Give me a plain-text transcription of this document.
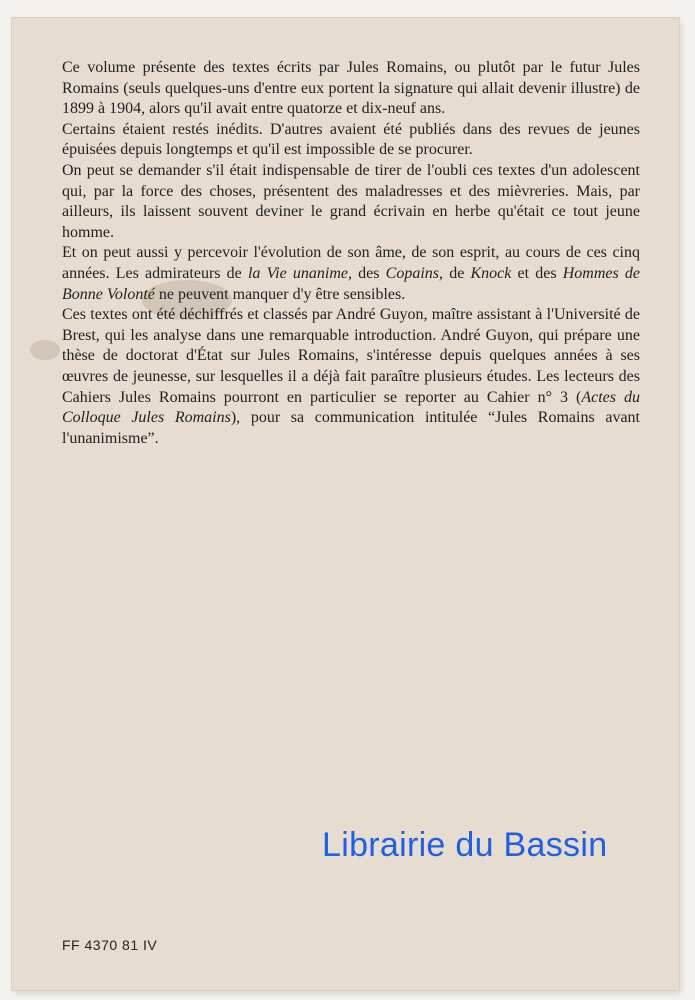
Ce volume présente des textes écrits par Jules Romains, ou plutôt par le futur Jules Romains (seuls quelques-uns d'entre eux portent la signature qui allait devenir illustre) de 1899 à 1904, alors qu'il avait entre quatorze et dix-neuf ans.

Certains étaient restés inédits. D'autres avaient été publiés dans des revues de jeunes épuisées depuis longtemps et qu'il est impossible de se procurer.

On peut se demander s'il était indispensable de tirer de l'oubli ces textes d'un adolescent qui, par la force des choses, présentent des maladresses et des mièvreries. Mais, par ailleurs, ils laissent souvent deviner le grand écrivain en herbe qu'était ce tout jeune homme.

Et on peut aussi y percevoir l'évolution de son âme, de son esprit, au cours de ces cinq années. Les admirateurs de la Vie unanime, des Copains, de Knock et des Hommes de Bonne Volonté ne peuvent manquer d'y être sensibles.

Ces textes ont été déchiffrés et classés par André Guyon, maître assistant à l'Université de Brest, qui les analyse dans une remarquable introduction. André Guyon, qui prépare une thèse de doctorat d'État sur Jules Romains, s'intéresse depuis quelques années à ses œuvres de jeunesse, sur lesquelles il a déjà fait paraître plusieurs études. Les lecteurs des Cahiers Jules Romains pourront en particulier se reporter au Cahier n° 3 (Actes du Colloque Jules Romains), pour sa communication intitulée “Jules Romains avant l'unanimisme”.

Librairie du Bassin
FF 4370 81 IV
